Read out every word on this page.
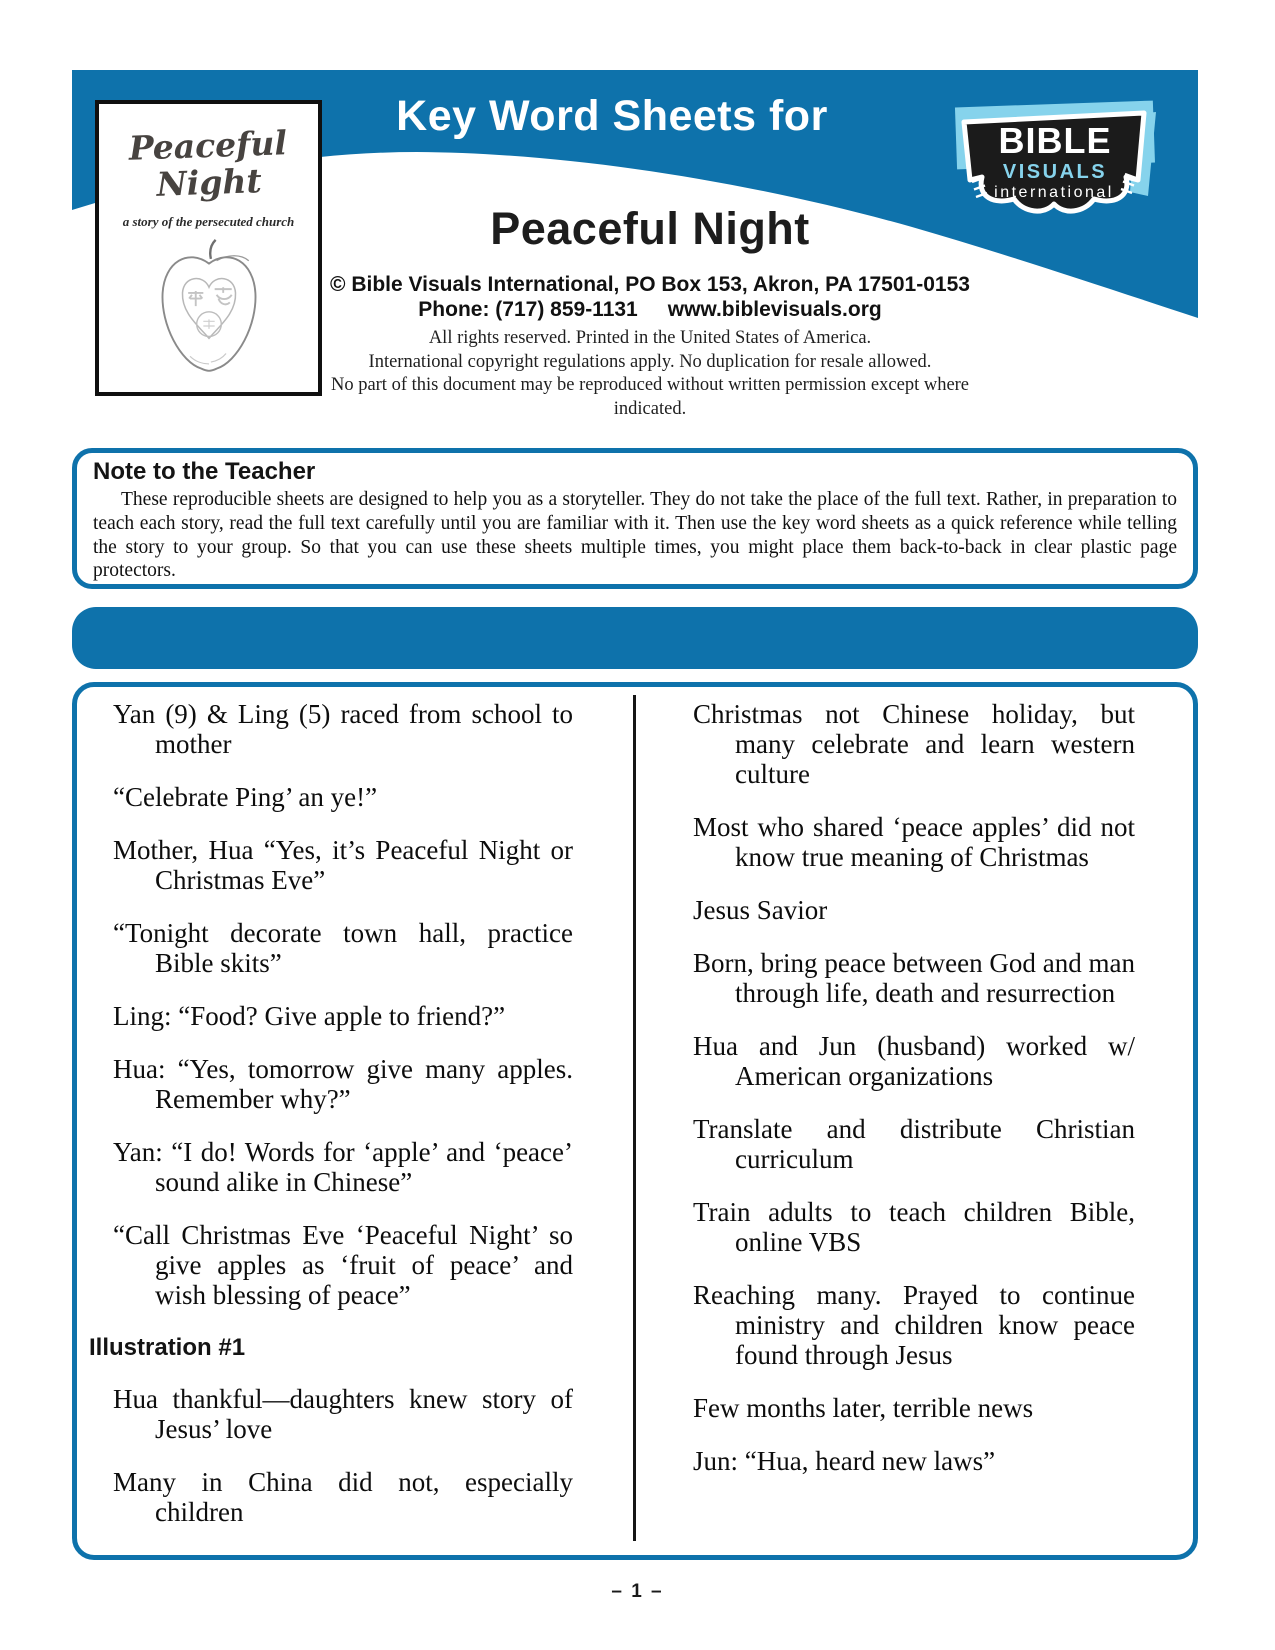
Key Word Sheets for
Peaceful Night
a story of the persecuted church
BIBLE
VISUALS
international
Peaceful Night
© Bible Visuals International, PO Box 153, Akron, PA 17501-0153
Phone: (717) 859-1131 www.biblevisuals.org
All rights reserved. Printed in the United States of America.
International copyright regulations apply. No duplication for resale allowed.
No part of this document may be reproduced without written permission except where indicated.
Note to the Teacher
These reproducible sheets are designed to help you as a storyteller. They do not take the place of the full text. Rather, in preparation to teach each story, read the full text carefully until you are familiar with it. Then use the key word sheets as a quick reference while telling the story to your group. So that you can use these sheets multiple times, you might place them back-to-back in clear plastic page protectors.

Yan (9) & Ling (5) raced from school to mother

“Celebrate Ping’ an ye!”

Mother, Hua “Yes, it’s Peaceful Night or Christmas Eve”

“Tonight decorate town hall, practice Bible skits”

Ling: “Food? Give apple to friend?”

Hua: “Yes, tomorrow give many apples. Remember why?”

Yan: “I do! Words for ‘apple’ and ‘peace’ sound alike in Chinese”

“Call Christmas Eve ‘Peaceful Night’ so give apples as ‘fruit of peace’ and wish blessing of peace”

Illustration #1

Hua thankful—daughters knew story of Jesus’ love

Many in China did not, especially children

Christmas not Chinese holiday, but many celebrate and learn western culture

Most who shared ‘peace apples’ did not know true meaning of Christmas

Jesus Savior

Born, bring peace between God and man through life, death and resurrection

Hua and Jun (husband) worked w/ American organizations

Translate and distribute Christian curriculum

Train adults to teach children Bible, online VBS

Reaching many. Prayed to continue ministry and children know peace found through Jesus

Few months later, terrible news

Jun: “Hua, heard new laws”

– 1 –
